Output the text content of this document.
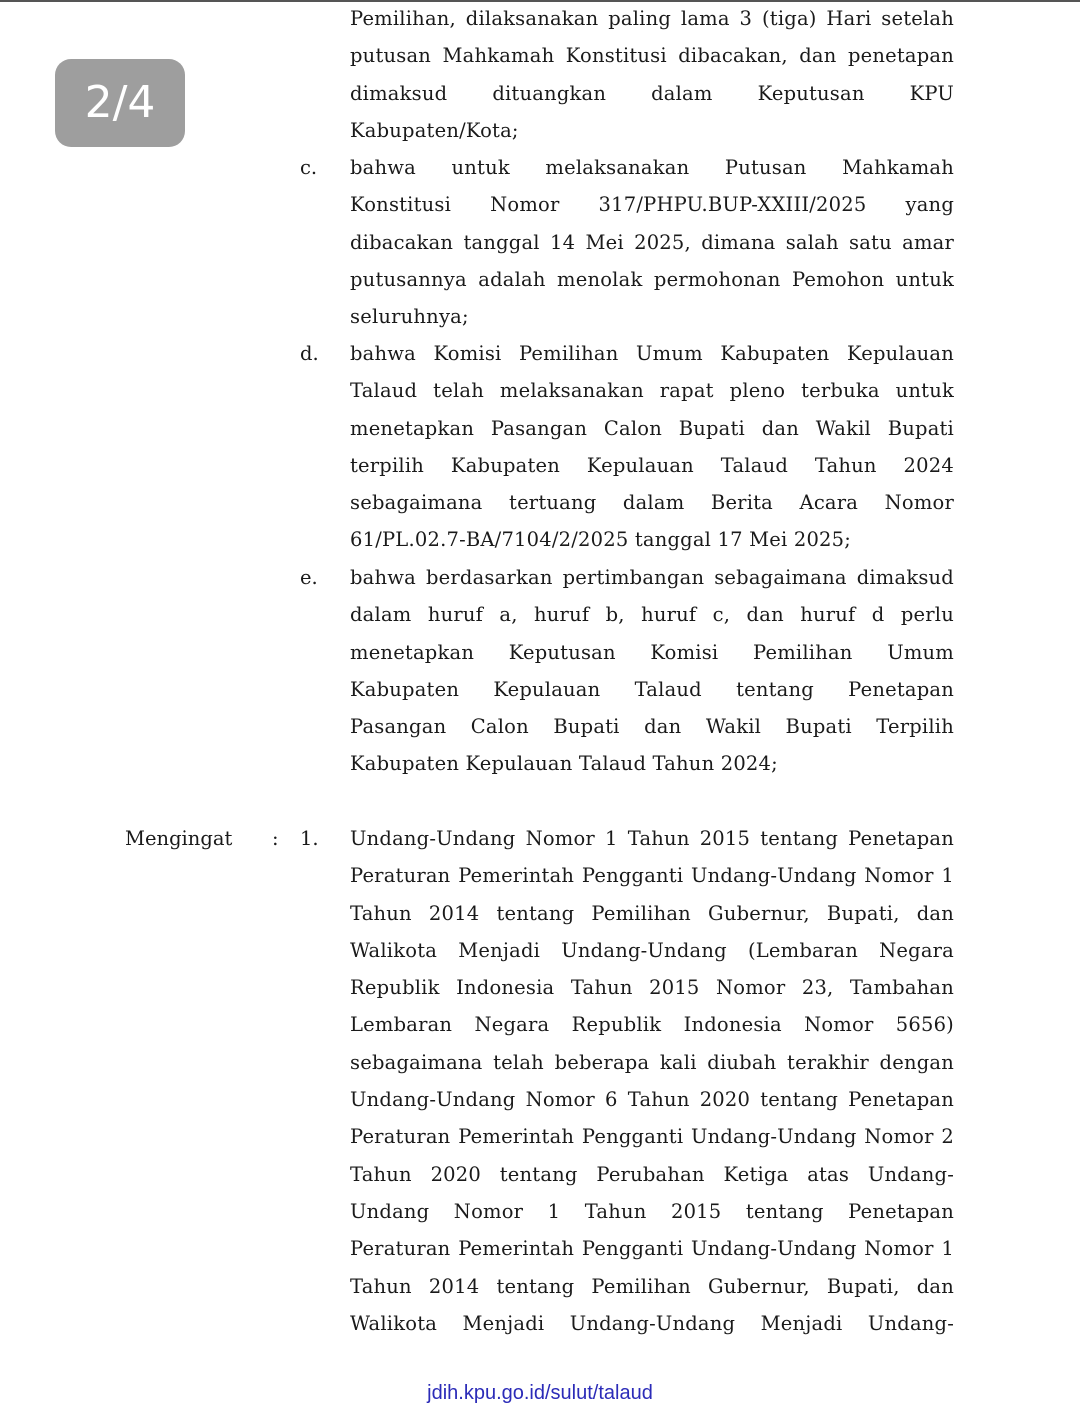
2/4
Pemilihan, dilaksanakan paling lama 3 (tiga) Hari setelah
putusan Mahkamah Konstitusi dibacakan, dan penetapan
dimaksud dituangkan dalam Keputusan KPU
Kabupaten/Kota;
c. bahwa untuk melaksanakan Putusan Mahkamah
Konstitusi Nomor 317/PHPU.BUP-XXIII/2025 yang
dibacakan tanggal 14 Mei 2025, dimana salah satu amar
putusannya adalah menolak permohonan Pemohon untuk
seluruhnya;
d. bahwa Komisi Pemilihan Umum Kabupaten Kepulauan
Talaud telah melaksanakan rapat pleno terbuka untuk
menetapkan Pasangan Calon Bupati dan Wakil Bupati
terpilih Kabupaten Kepulauan Talaud Tahun 2024
sebagaimana tertuang dalam Berita Acara Nomor
61/PL.02.7-BA/7104/2/2025 tanggal 17 Mei 2025;
e. bahwa berdasarkan pertimbangan sebagaimana dimaksud
dalam huruf a, huruf b, huruf c, dan huruf d perlu
menetapkan Keputusan Komisi Pemilihan Umum
Kabupaten Kepulauan Talaud tentang Penetapan
Pasangan Calon Bupati dan Wakil Bupati Terpilih
Kabupaten Kepulauan Talaud Tahun 2024;
Mengingat : 1. Undang-Undang Nomor 1 Tahun 2015 tentang Penetapan
Peraturan Pemerintah Pengganti Undang-Undang Nomor 1
Tahun 2014 tentang Pemilihan Gubernur, Bupati, dan
Walikota Menjadi Undang-Undang (Lembaran Negara
Republik Indonesia Tahun 2015 Nomor 23, Tambahan
Lembaran Negara Republik Indonesia Nomor 5656)
sebagaimana telah beberapa kali diubah terakhir dengan
Undang-Undang Nomor 6 Tahun 2020 tentang Penetapan
Peraturan Pemerintah Pengganti Undang-Undang Nomor 2
Tahun 2020 tentang Perubahan Ketiga atas Undang-
Undang Nomor 1 Tahun 2015 tentang Penetapan
Peraturan Pemerintah Pengganti Undang-Undang Nomor 1
Tahun 2014 tentang Pemilihan Gubernur, Bupati, dan
Walikota Menjadi Undang-Undang Menjadi Undang-
jdih.kpu.go.id/sulut/talaud
